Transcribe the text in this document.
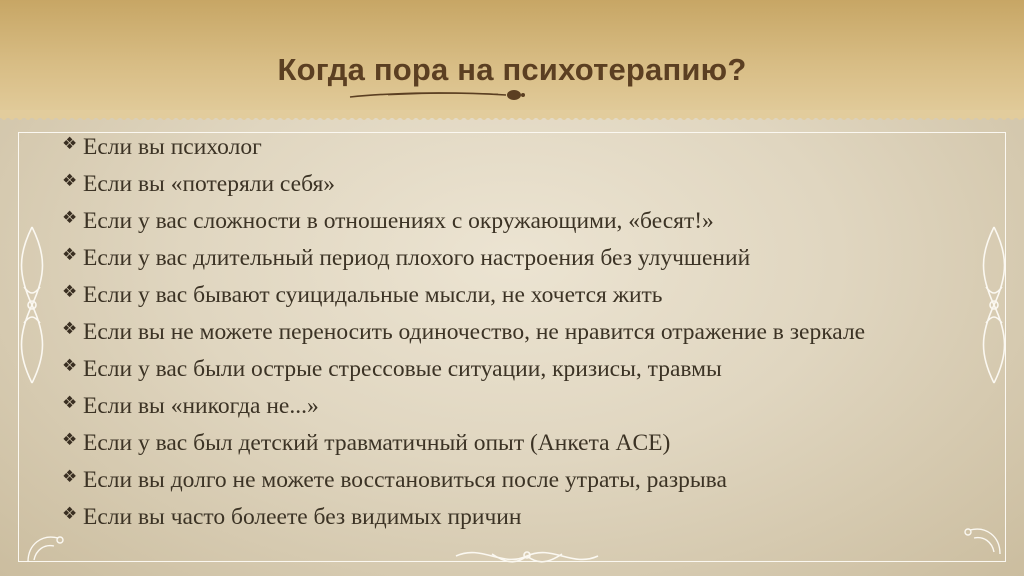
Когда пора на психотерапию?
❖ Если вы психолог
❖ Если вы «потеряли себя»
❖ Если у вас сложности в отношениях с окружающими, «бесят!»
❖ Если у вас длительный период плохого настроения без улучшений
❖ Если у вас бывают суицидальные мысли, не хочется жить
❖ Если вы не можете переносить одиночество, не нравится отражение в зеркале
❖ Если у вас были острые стрессовые ситуации, кризисы, травмы
❖ Если вы «никогда не...»
❖ Если у вас был детский травматичный опыт (Анкета ACE)
❖ Если вы долго не можете восстановиться после утраты, разрыва
❖ Если вы часто болеете без видимых причин
